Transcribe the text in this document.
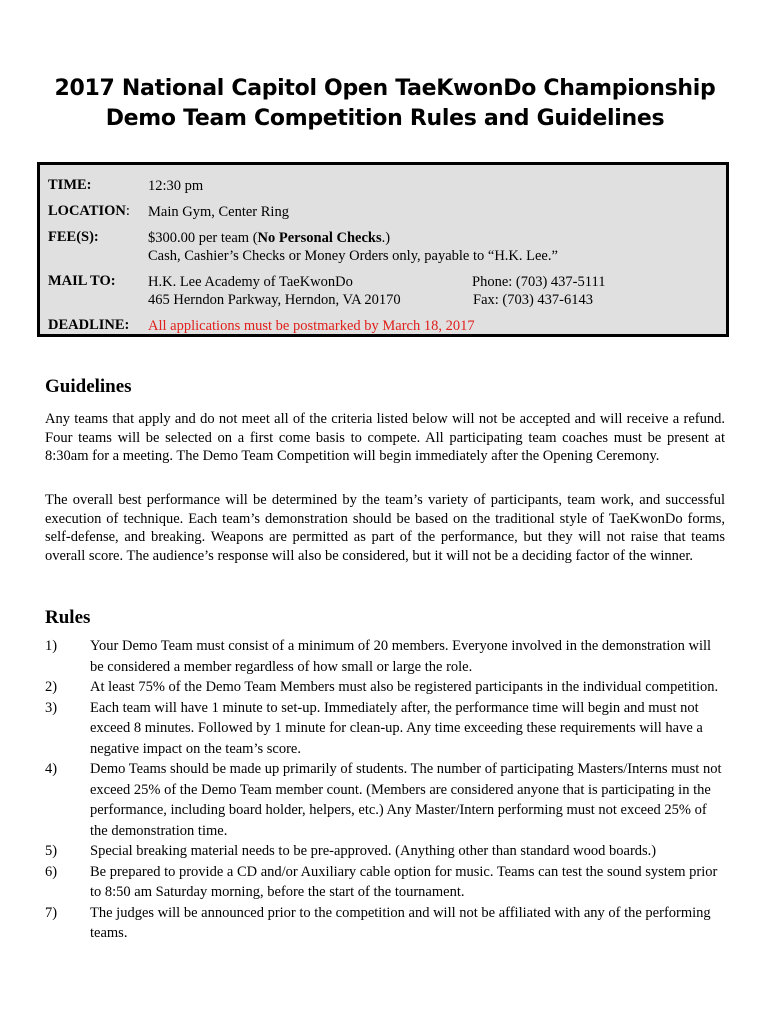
2017 National Capitol Open TaeKwonDo Championship
Demo Team Competition Rules and Guidelines
TIME:	12:30 pm
LOCATION: Main Gym, Center Ring
FEE(S):	$300.00 per team (No Personal Checks.)
Cash, Cashier’s Checks or Money Orders only, payable to “H.K. Lee.”
MAIL TO: H.K. Lee Academy of TaeKwonDo
465 Herndon Parkway, Herndon, VA 20170
Phone: (703) 437-5111
Fax: (703) 437-6143
DEADLINE: All applications must be postmarked by March 18, 2017
Guidelines

Any teams that apply and do not meet all of the criteria listed below will not be accepted and will receive a refund. Four teams will be selected on a first come basis to compete. All participating team coaches must be present at 8:30am for a meeting. The Demo Team Competition will begin immediately after the Opening Ceremony.

The overall best performance will be determined by the team’s variety of participants, team work, and successful execution of technique. Each team’s demonstration should be based on the traditional style of TaeKwonDo forms, self-defense, and breaking. Weapons are permitted as part of the performance, but they will not raise that teams overall score. The audience’s response will also be considered, but it will not be a deciding factor of the winner.

Rules

1) Your Demo Team must consist of a minimum of 20 members. Everyone involved in the demonstration will be considered a member regardless of how small or large the role.

2) At least 75% of the Demo Team Members must also be registered participants in the individual competition.

3) Each team will have 1 minute to set-up. Immediately after, the performance time will begin and must not exceed 8 minutes. Followed by 1 minute for clean-up. Any time exceeding these requirements will have a negative impact on the team’s score.

4) Demo Teams should be made up primarily of students. The number of participating Masters/Interns must not exceed 25% of the Demo Team member count. (Members are considered anyone that is participating in the performance, including board holder, helpers, etc.) Any Master/Intern performing must not exceed 25% of the demonstration time.

5) Special breaking material needs to be pre-approved. (Anything other than standard wood boards.)

6) Be prepared to provide a CD and/or Auxiliary cable option for music. Teams can test the sound system prior to 8:50 am Saturday morning, before the start of the tournament.

7) The judges will be announced prior to the competition and will not be affiliated with any of the performing teams.
